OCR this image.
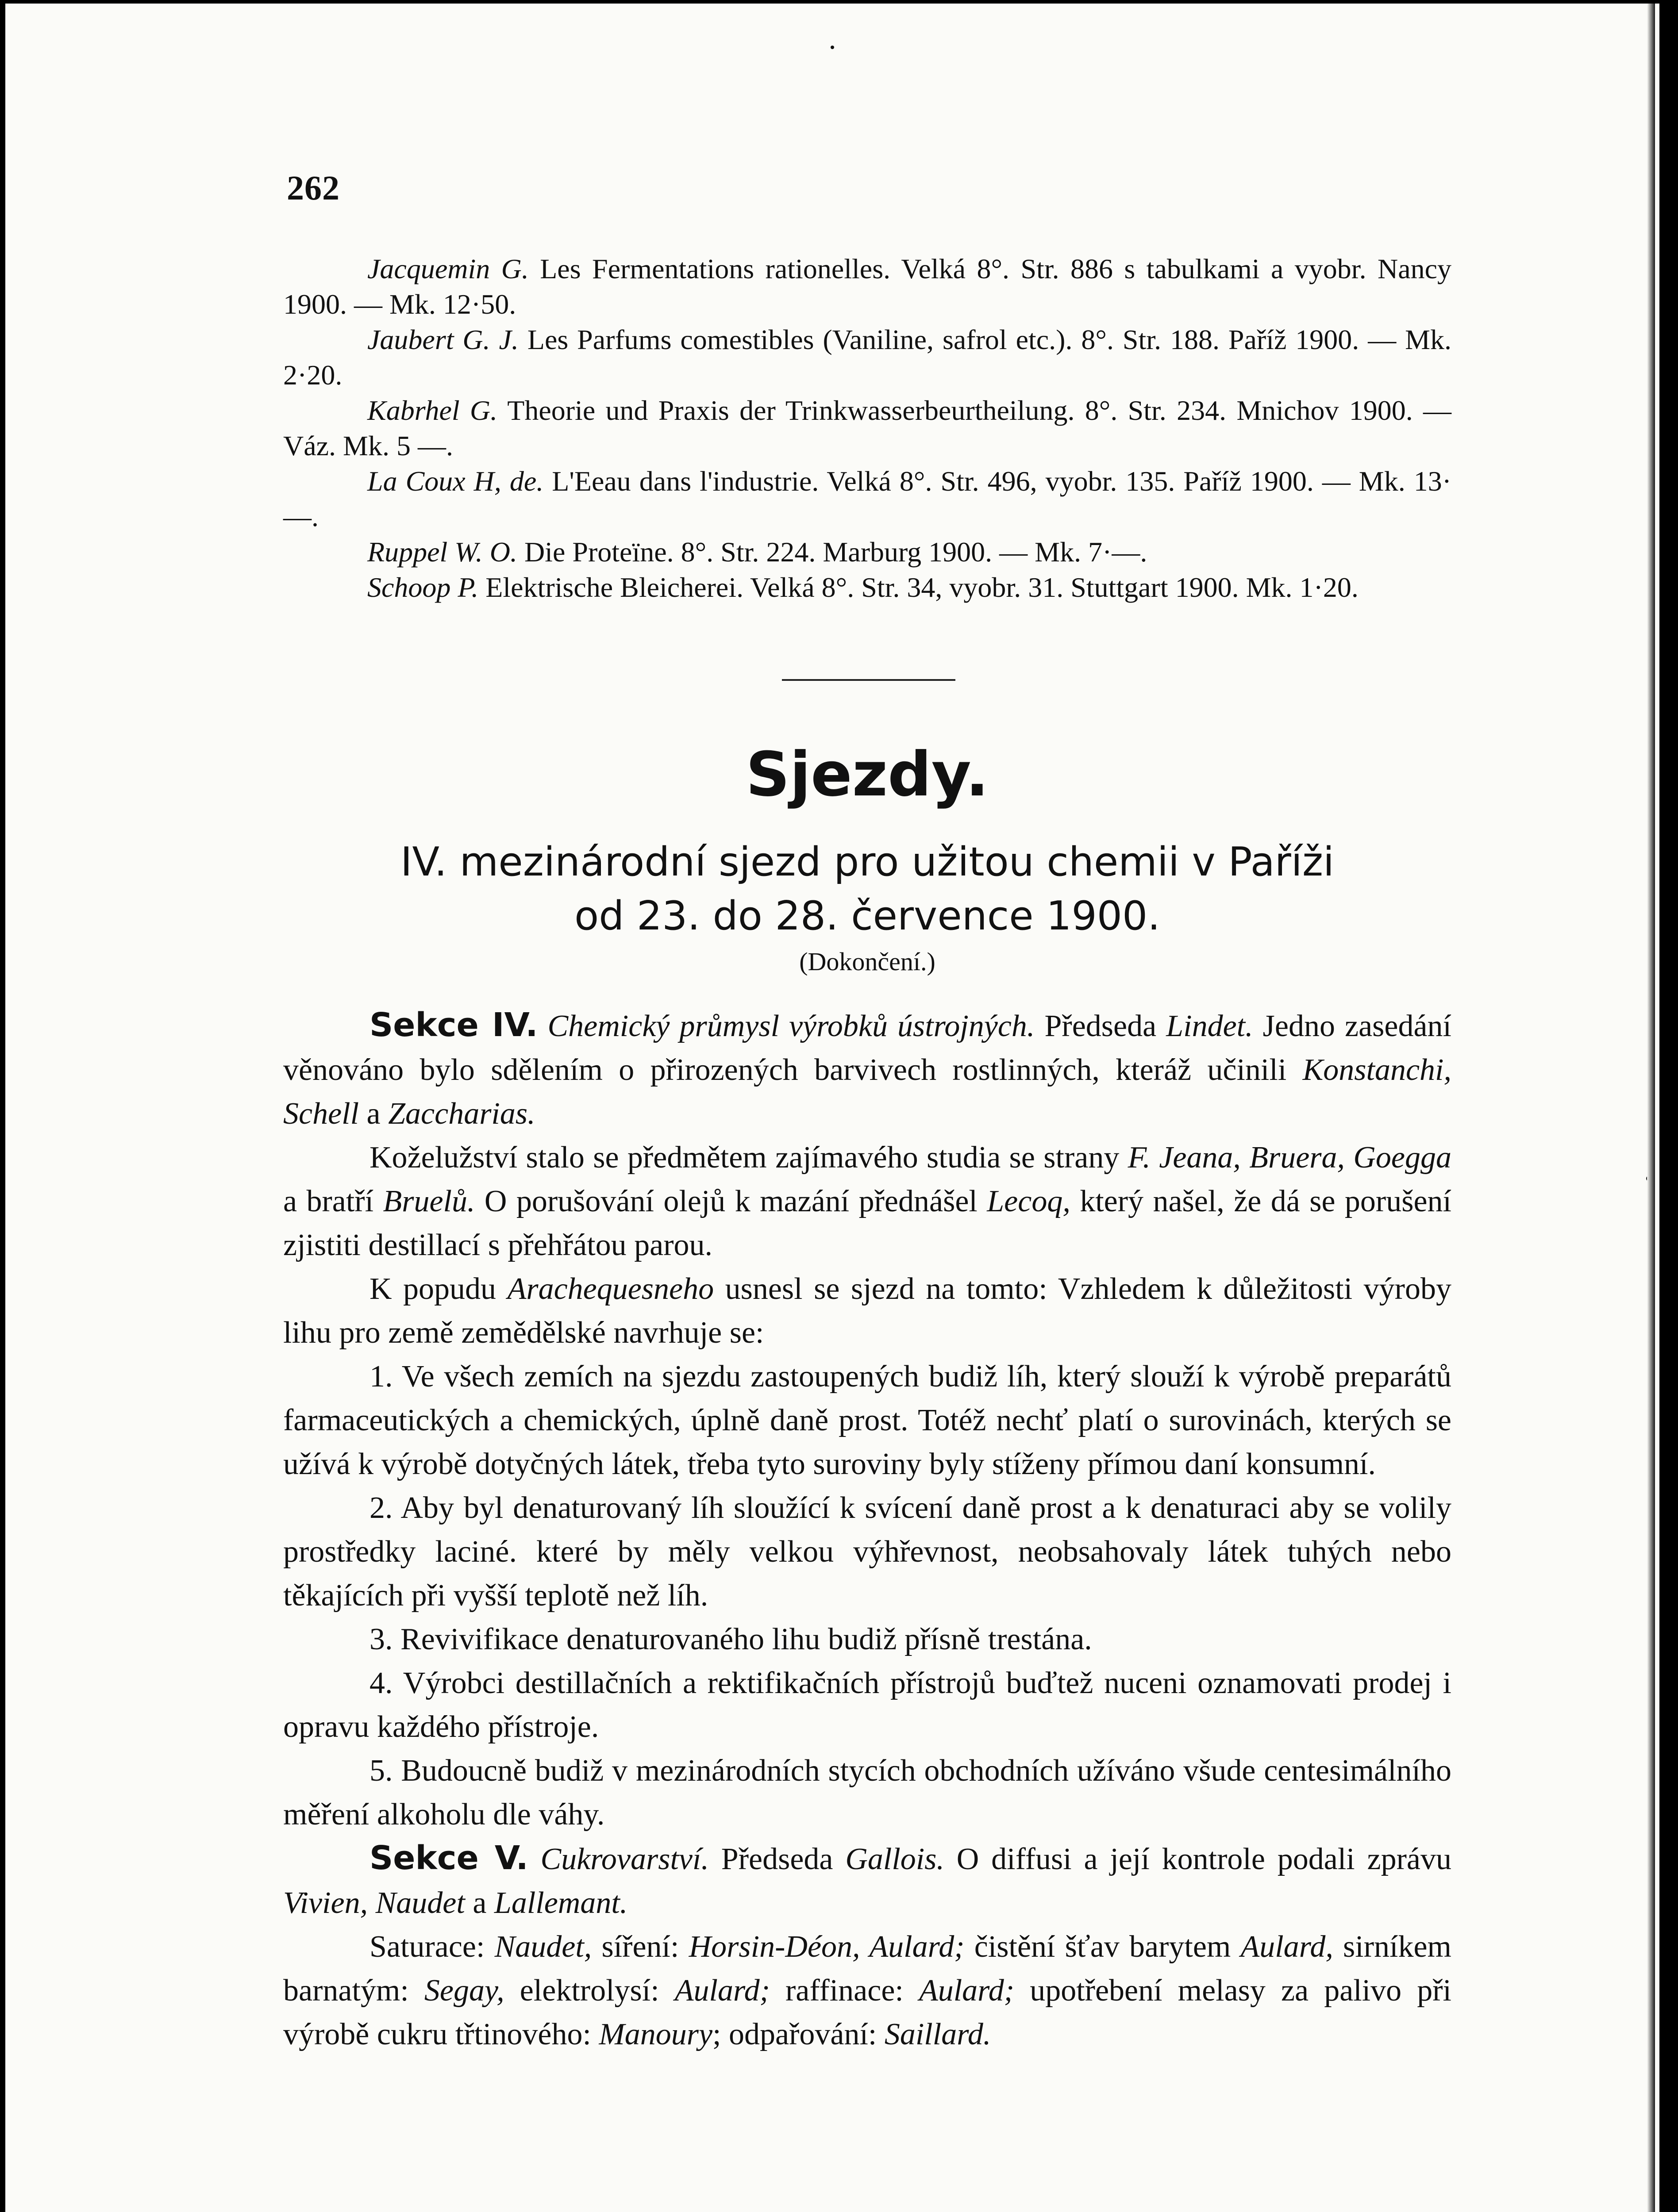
262

Jacquemin G. Les Fermentations rationelles. Velká 8°. Str. 886 s tabulkami a vyobr. Nancy 1900. — Mk. 12·50.

Jaubert G. J. Les Parfums comestibles (Vaniline, safrol etc.). 8°. Str. 188. Paříž 1900. — Mk. 2·20.

Kabrhel G. Theorie und Praxis der Trinkwasserbeurtheilung. 8°. Str. 234. Mnichov 1900. — Váz. Mk. 5 —.

La Coux H, de. L'Eeau dans l'industrie. Velká 8°. Str. 496, vyobr. 135. Paříž 1900. — Mk. 13·—.

Ruppel W. O. Die Proteïne. 8°. Str. 224. Marburg 1900. — Mk. 7·—.

Schoop P. Elektrische Bleicherei. Velká 8°. Str. 34, vyobr. 31. Stuttgart 1900. Mk. 1·20.

Sjezdy.
IV. mezinárodní sjezd pro užitou chemii v Paříži
od 23. do 28. července 1900.
(Dokončení.)

Sekce IV. Chemický průmysl výrobků ústrojných. Předseda Lindet. Jedno zasedání věnováno bylo sdělením o přirozených barvivech rostlinných, kteráž učinili Konstanchi, Schell a Zaccharias.

Koželužství stalo se předmětem zajímavého studia se strany F. Jeana, Bruera, Goegga a bratří Bruelů. O porušování olejů k mazání přednášel Lecoq, který našel, že dá se porušení zjistiti destillací s přehřátou parou.

K popudu Arachequesneho usnesl se sjezd na tomto: Vzhledem k důležitosti výroby lihu pro země zemědělské navrhuje se:

1. Ve všech zemích na sjezdu zastoupených budiž líh, který slouží k výrobě preparátů farmaceutických a chemických, úplně daně prost. Totéž nechť platí o surovinách, kterých se užívá k výrobě dotyčných látek, třeba tyto suroviny byly stíženy přímou daní konsumní.

2. Aby byl denaturovaný líh sloužící k svícení daně prost a k denaturaci aby se volily prostředky laciné. které by měly velkou výhřevnost, neobsahovaly látek tuhých nebo těkajících při vyšší teplotě než líh.

3. Revivifikace denaturovaného lihu budiž přísně trestána.

4. Výrobci destillačních a rektifikačních přístrojů buďtež nuceni oznamovati prodej i opravu každého přístroje.

5. Budoucně budiž v mezinárodních stycích obchodních užíváno všude centesimálního měření alkoholu dle váhy.

Sekce V. Cukrovarství. Předseda Gallois. O diffusi a její kontrole podali zprávu Vivien, Naudet a Lallemant.

Saturace: Naudet, síření: Horsin-Déon, Aulard; čistění šťav barytem Aulard, sirníkem barnatým: Segay, elektrolysí: Aulard; raffinace: Aulard; upotřebení melasy za palivo při výrobě cukru třtinového: Manoury; odpařování: Saillard.
